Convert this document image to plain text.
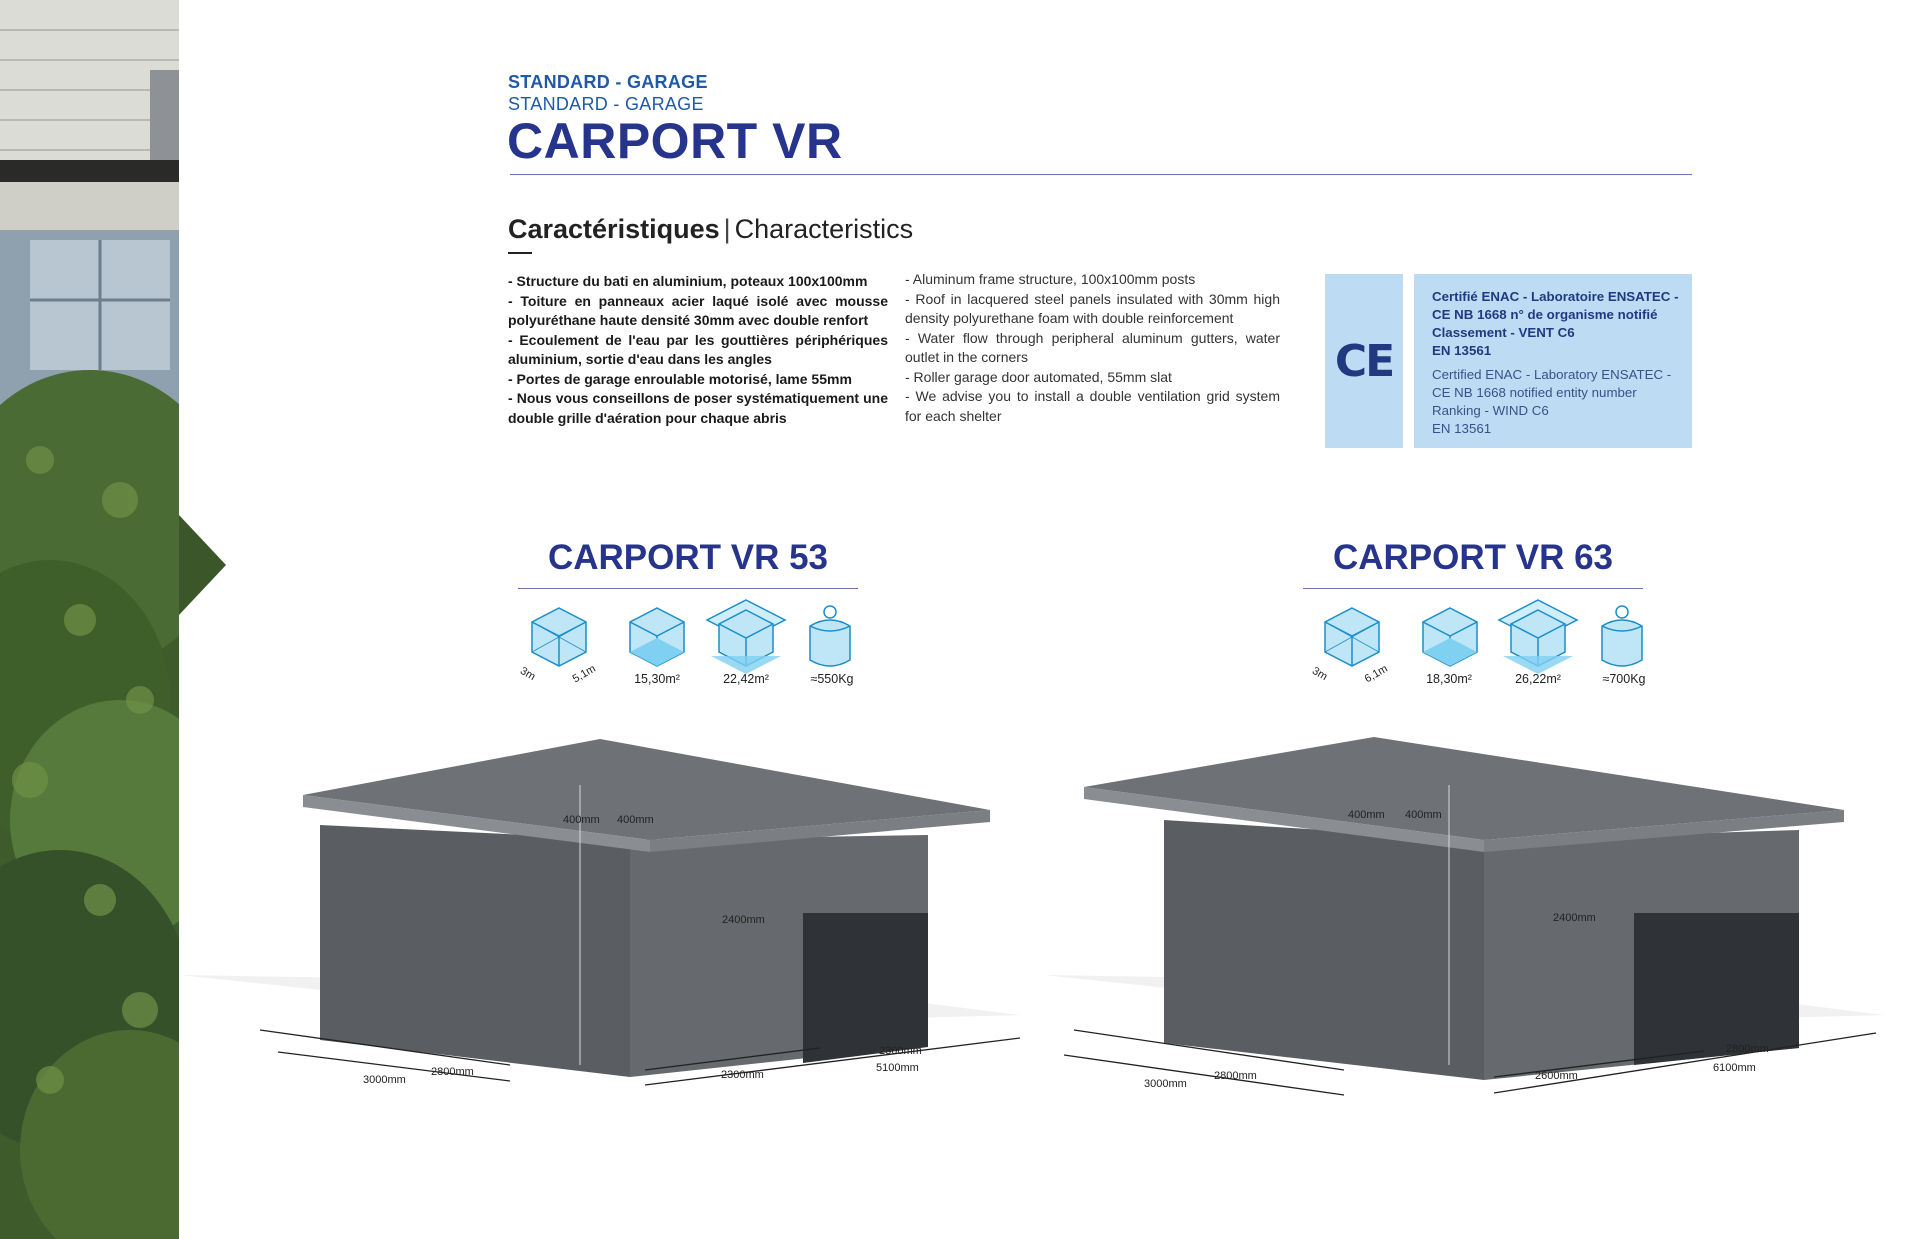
STANDARD - GARAGE
STANDARD - GARAGE
CARPORT VR
Caractéristiques | Characteristics
- Structure du bati en aluminium, poteaux 100x100mm
- Toiture en panneaux acier laqué isolé avec mousse polyuréthane haute densité 30mm avec double renfort
- Ecoulement de l'eau par les gouttières périphériques aluminium, sortie d'eau dans les angles
- Portes de garage enroulable motorisé, lame 55mm
- Nous vous conseillons de poser systématiquement une double grille d'aération pour chaque abris
- Aluminum frame structure, 100x100mm posts
- Roof in lacquered steel panels insulated with 30mm high density polyurethane foam with double reinforcement
- Water flow through peripheral aluminum gutters, water outlet in the corners
- Roller garage door automated, 55mm slat
- We advise you to install a double ventilation grid system for each shelter
CE
Certifié ENAC - Laboratoire ENSATEC -
CE NB 1668 n° de organisme notifié
Classement - VENT C6
EN 13561
Certified ENAC - Laboratory ENSATEC -
CE NB 1668 notified entity number
Ranking - WIND C6
EN 13561
CARPORT VR 53	CARPORT VR 63
400mm 400mm
2400mm
3000mm
2800mm	2300mm
2300mm
5100mm
400mm 400mm
2400mm
3000mm
2800mm	2600mm
2800mm
6100mm
3m	5,1m	15,30m²	22,42m²	≈550Kg	3m	6,1m	18,30m²	26,22m²	≈700Kg
